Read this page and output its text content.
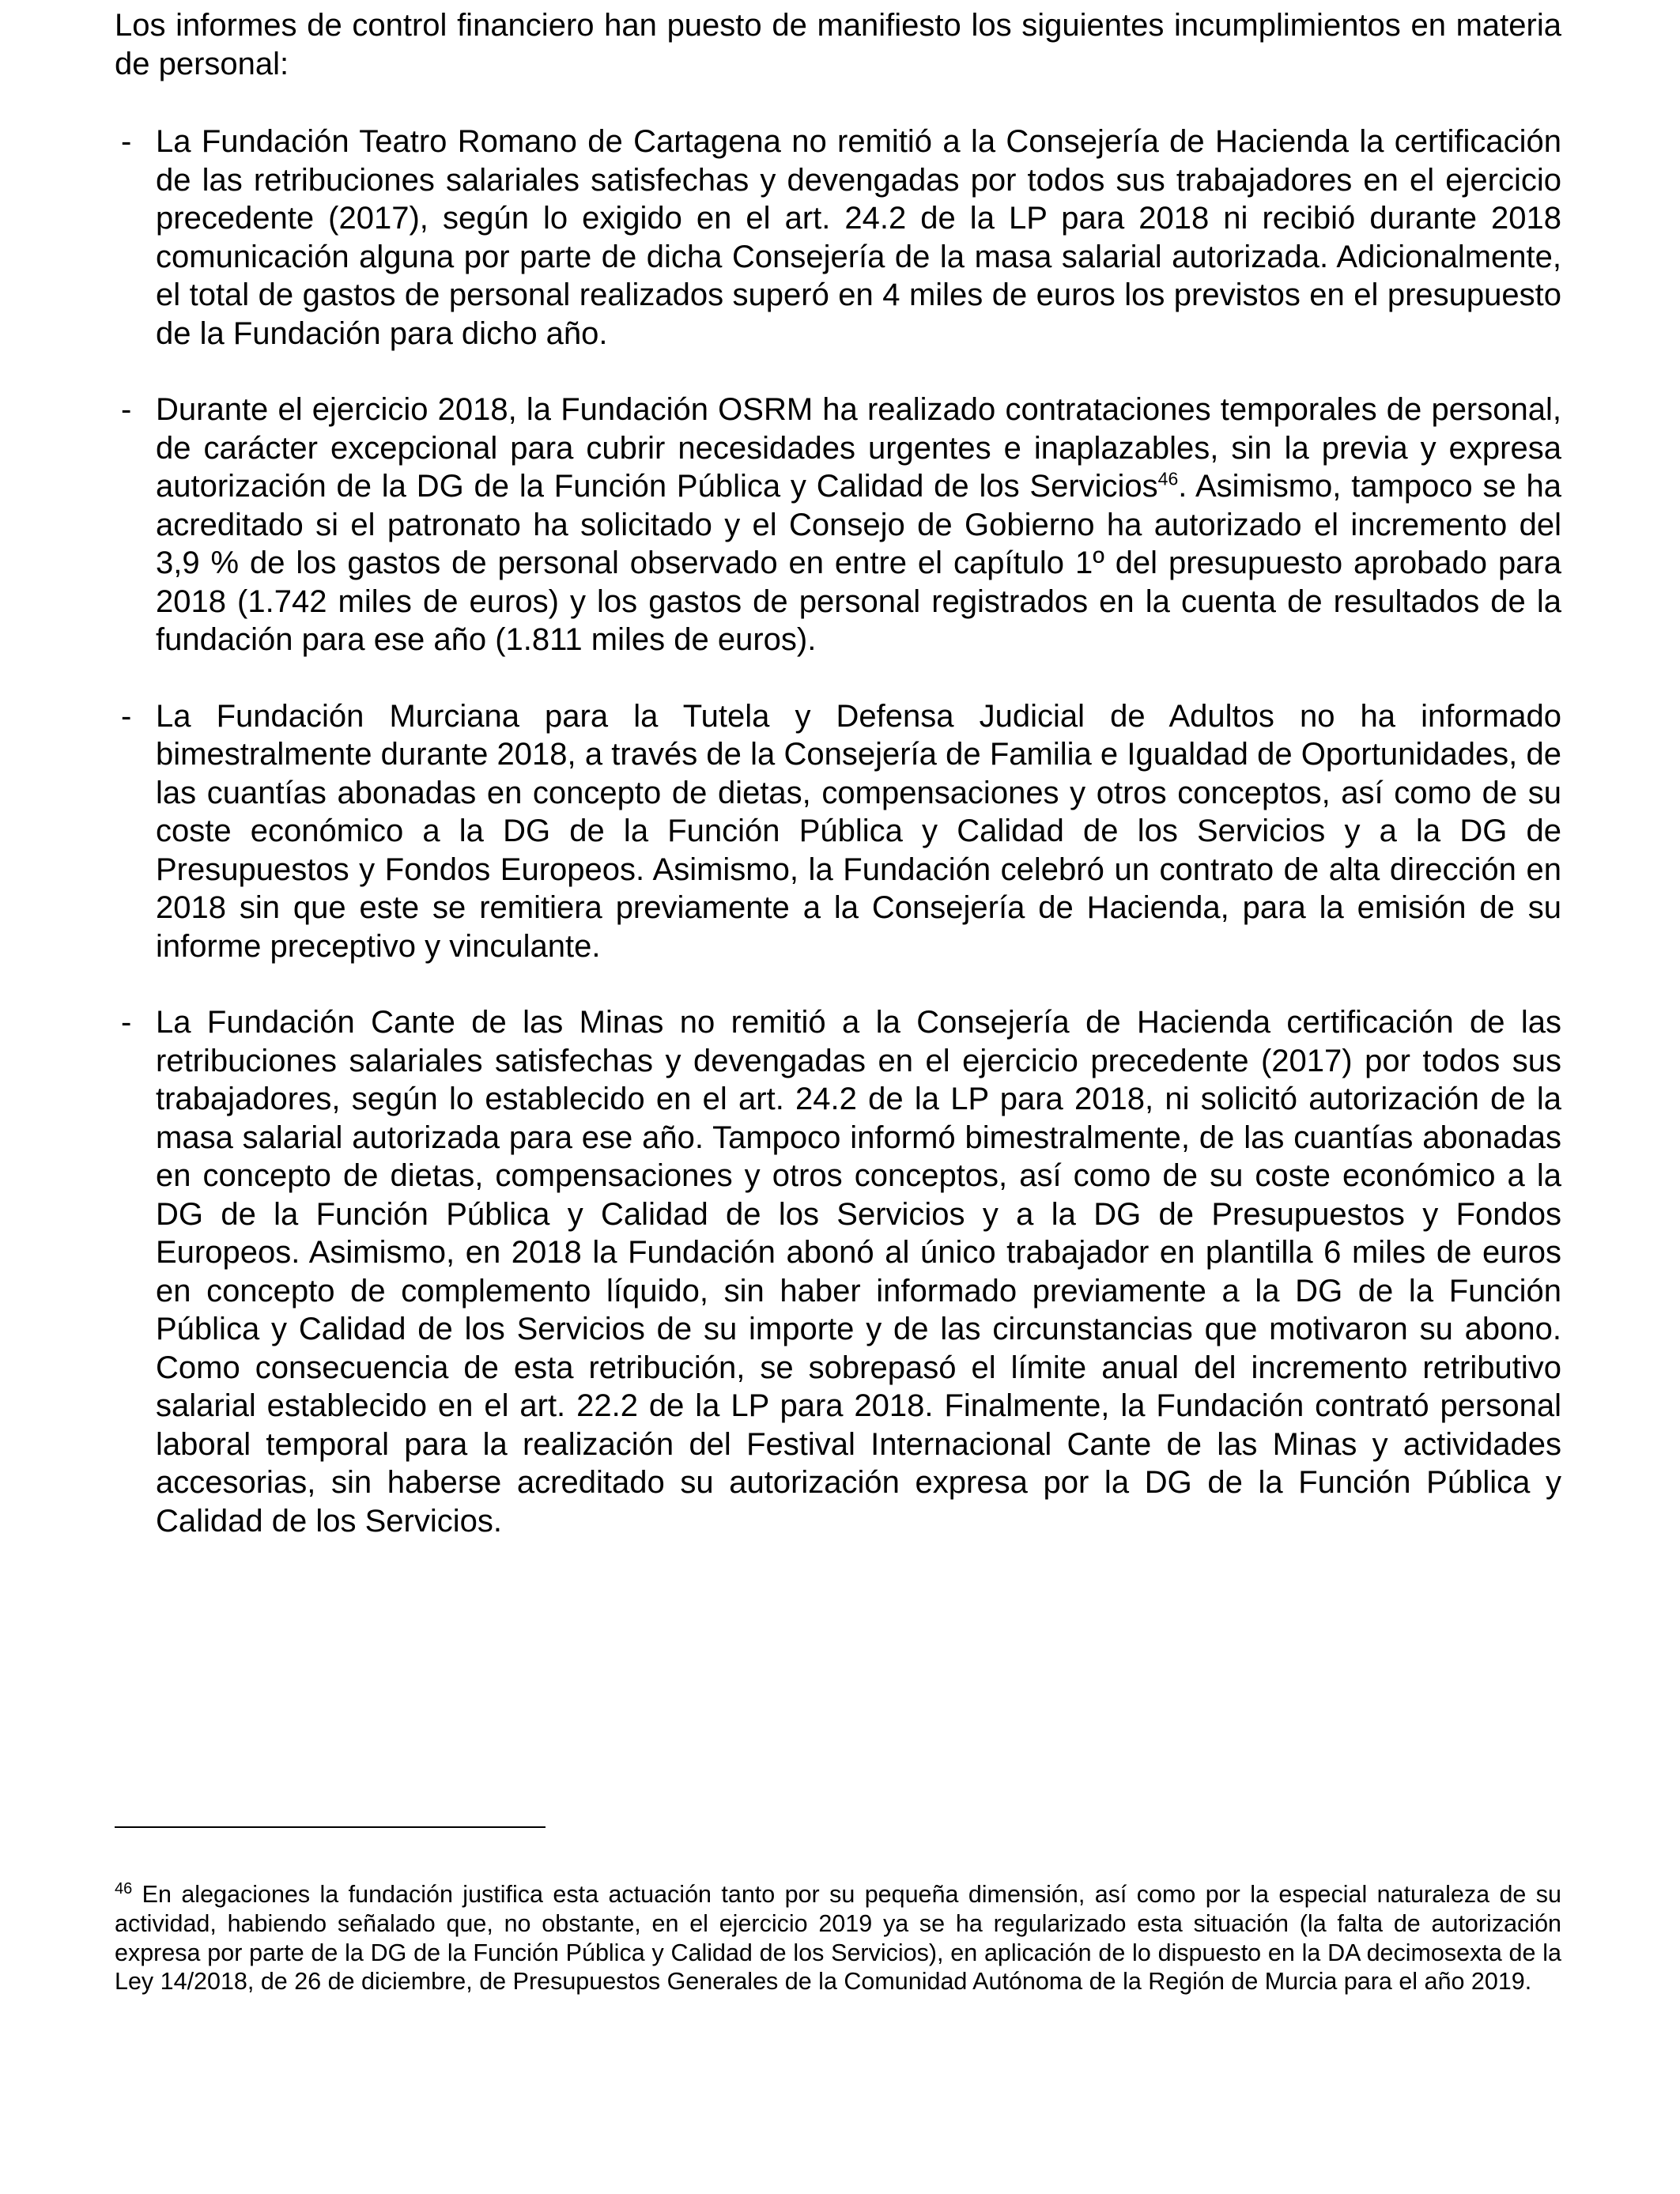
Los informes de control financiero han puesto de manifiesto los siguientes incumplimientos en materia de personal:

- La Fundación Teatro Romano de Cartagena no remitió a la Consejería de Hacienda la certificación de las retribuciones salariales satisfechas y devengadas por todos sus trabajadores en el ejercicio precedente (2017), según lo exigido en el art. 24.2 de la LP para 2018 ni recibió durante 2018 comunicación alguna por parte de dicha Consejería de la masa salarial autorizada. Adicionalmente, el total de gastos de personal realizados superó en 4 miles de euros los previstos en el presupuesto de la Fundación para dicho año.

- Durante el ejercicio 2018, la Fundación OSRM ha realizado contrataciones temporales de personal, de carácter excepcional para cubrir necesidades urgentes e inaplazables, sin la previa y expresa autorización de la DG de la Función Pública y Calidad de los Servicios$^{46}$. Asimismo, tampoco se ha acreditado si el patronato ha solicitado y el Consejo de Gobierno ha autorizado el incremento del 3,9 % de los gastos de personal observado en entre el capítulo 1º del presupuesto aprobado para 2018 (1.742 miles de euros) y los gastos de personal registrados en la cuenta de resultados de la fundación para ese año (1.811 miles de euros).

- La Fundación Murciana para la Tutela y Defensa Judicial de Adultos no ha informado bimestralmente durante 2018, a través de la Consejería de Familia e Igualdad de Oportunidades, de las cuantías abonadas en concepto de dietas, compensaciones y otros conceptos, así como de su coste económico a la DG de la Función Pública y Calidad de los Servicios y a la DG de Presupuestos y Fondos Europeos. Asimismo, la Fundación celebró un contrato de alta dirección en 2018 sin que este se remitiera previamente a la Consejería de Hacienda, para la emisión de su informe preceptivo y vinculante.

- La Fundación Cante de las Minas no remitió a la Consejería de Hacienda certificación de las retribuciones salariales satisfechas y devengadas en el ejercicio precedente (2017) por todos sus trabajadores, según lo establecido en el art. 24.2 de la LP para 2018, ni solicitó autorización de la masa salarial autorizada para ese año. Tampoco informó bimestralmente, de las cuantías abonadas en concepto de dietas, compensaciones y otros conceptos, así como de su coste económico a la DG de la Función Pública y Calidad de los Servicios y a la DG de Presupuestos y Fondos Europeos. Asimismo, en 2018 la Fundación abonó al único trabajador en plantilla 6 miles de euros en concepto de complemento líquido, sin haber informado previamente a la DG de la Función Pública y Calidad de los Servicios de su importe y de las circunstancias que motivaron su abono. Como consecuencia de esta retribución, se sobrepasó el límite anual del incremento retributivo salarial establecido en el art. 22.2 de la LP para 2018. Finalmente, la Fundación contrató personal laboral temporal para la realización del Festival Internacional Cante de las Minas y actividades accesorias, sin haberse acreditado su autorización expresa por la DG de la Función Pública y Calidad de los Servicios.

$^{46}$ En alegaciones la fundación justifica esta actuación tanto por su pequeña dimensión, así como por la especial naturaleza de su actividad, habiendo señalado que, no obstante, en el ejercicio 2019 ya se ha regularizado esta situación (la falta de autorización expresa por parte de la DG de la Función Pública y Calidad de los Servicios), en aplicación de lo dispuesto en la DA decimosexta de la Ley 14/2018, de 26 de diciembre, de Presupuestos Generales de la Comunidad Autónoma de la Región de Murcia para el año 2019.
